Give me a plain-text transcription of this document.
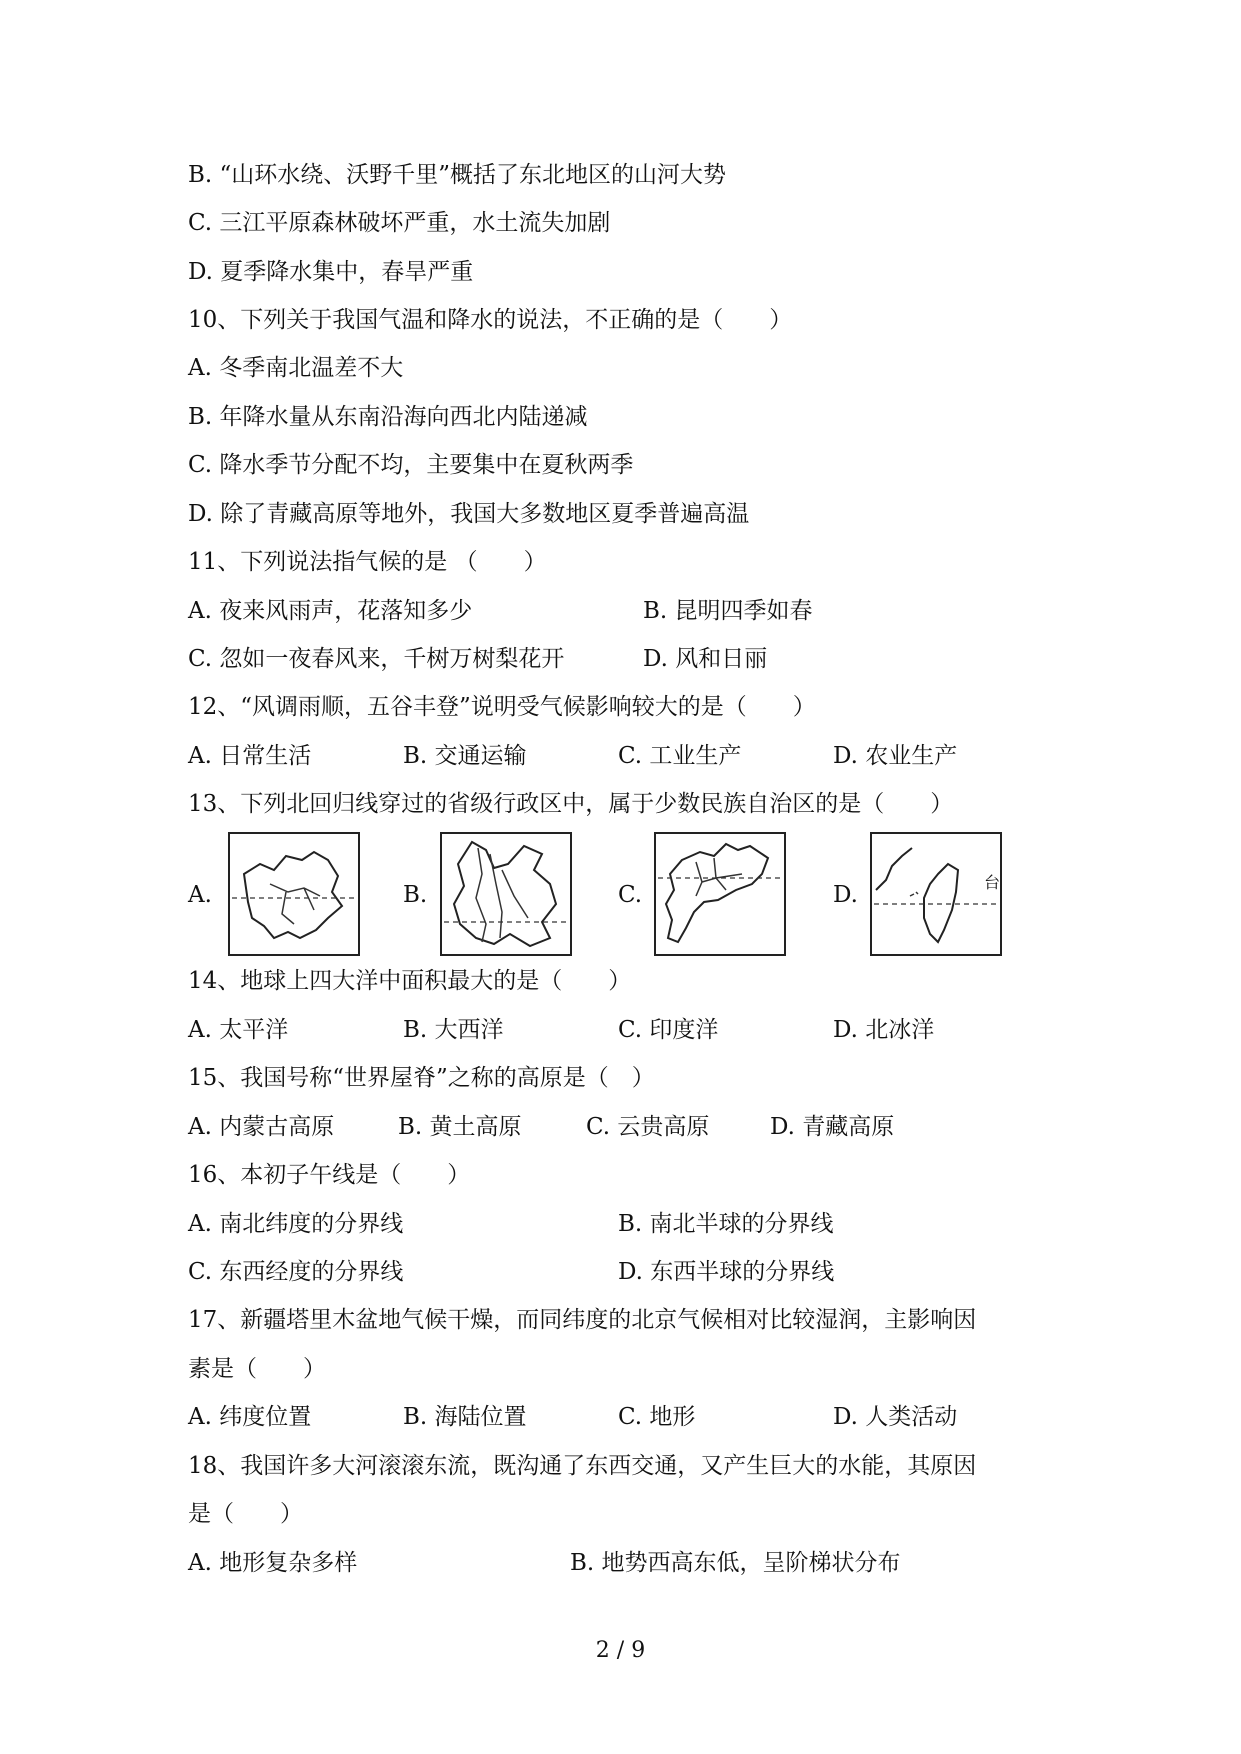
B. “山环水绕、沃野千里”概括了东北地区的山河大势
C. 三江平原森林破坏严重，水土流失加剧
D. 夏季降水集中，春旱严重
10、下列关于我国气温和降水的说法，不正确的是（　　）
A. 冬季南北温差不大
B. 年降水量从东南沿海向西北内陆递减
C. 降水季节分配不均，主要集中在夏秋两季
D. 除了青藏高原等地外，我国大多数地区夏季普遍高温
11、下列说法指气候的是 （　　）
A. 夜来风雨声，花落知多少	B. 昆明四季如春
C. 忽如一夜春风来，千树万树梨花开	D. 风和日丽
12、“风调雨顺，五谷丰登”说明受气候影响较大的是（　　）
A. 日常生活	B. 交通运输	C. 工业生产	D. 农业生产
13、下列北回归线穿过的省级行政区中，属于少数民族自治区的是（　　）
A.	B.	C.	D.	台
14、地球上四大洋中面积最大的是（　　）
A. 太平洋	B. 大西洋	C. 印度洋	D. 北冰洋
15、我国号称“世界屋脊”之称的高原是（　）
A. 内蒙古高原	B. 黄土高原	C. 云贵高原	D. 青藏高原
16、本初子午线是（　　）
A. 南北纬度的分界线	B. 南北半球的分界线
C. 东西经度的分界线	D. 东西半球的分界线
17、新疆塔里木盆地气候干燥，而同纬度的北京气候相对比较湿润，主影响因
素是（　　）
A. 纬度位置	B. 海陆位置	C. 地形	D. 人类活动
18、我国许多大河滚滚东流，既沟通了东西交通，又产生巨大的水能，其原因
是（　　）
A. 地形复杂多样	B. 地势西高东低，呈阶梯状分布
2 / 9
